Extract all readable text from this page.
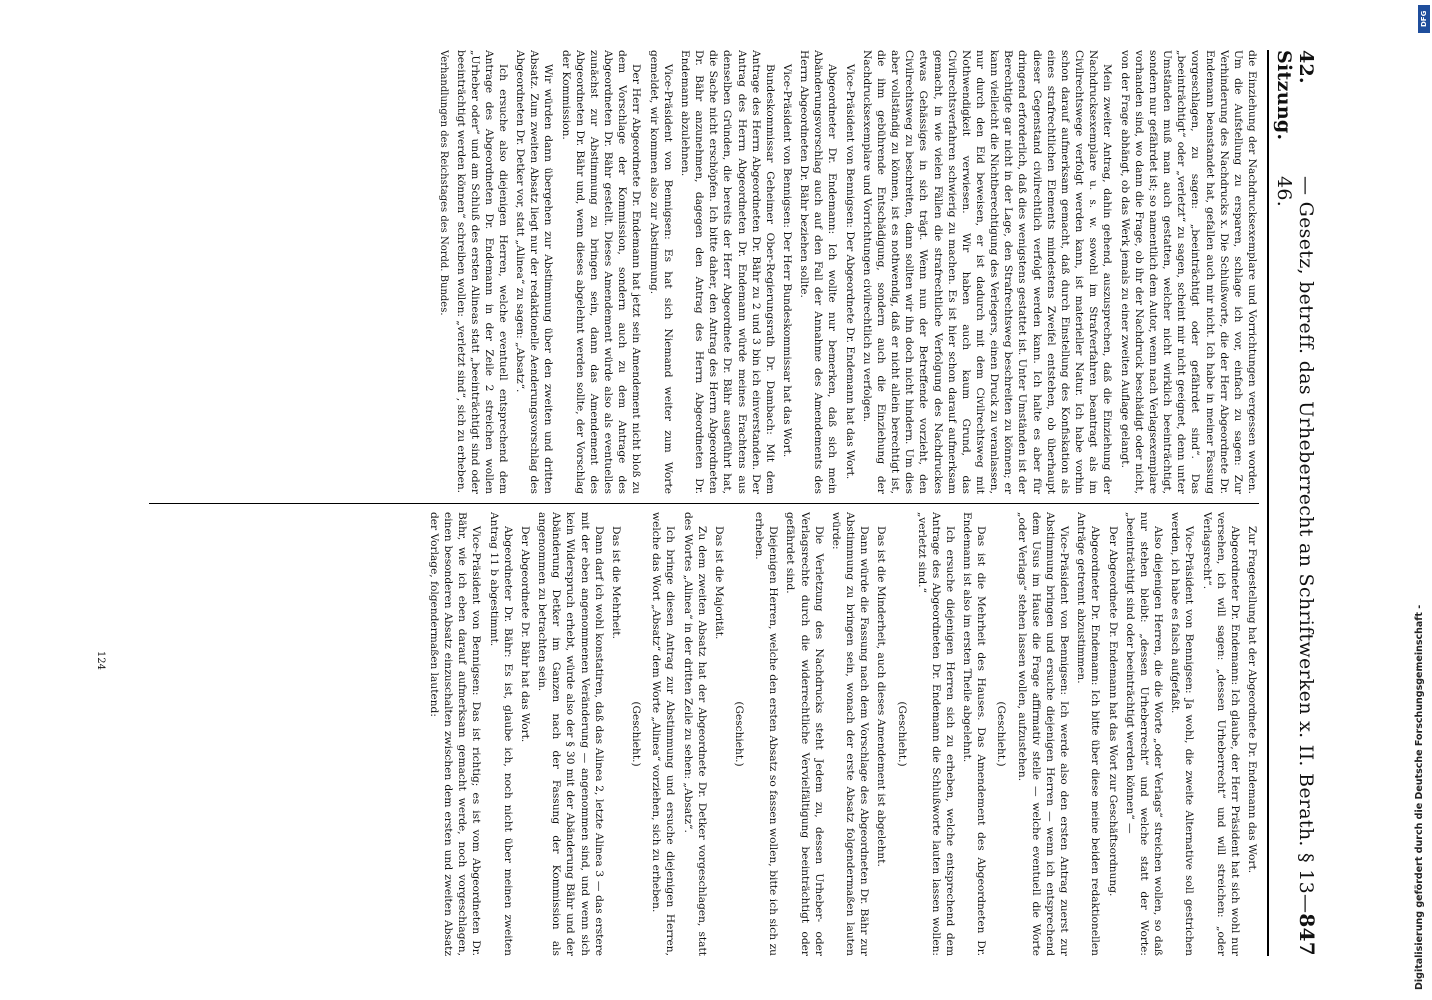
42. Sitzung.
— Gesetz, betreff. das Urheberrecht an Schriftwerken x. II. Berath. § 13—46.
847

die Einziehung der Nachdrucksexemplare und Vorrichtungen vergessen worden. Um die Aufstellung zu ersparen, schlage ich vor, einfach zu sagen: Zur Verhinderung des Nachdrucks x. Die Schlußworte, die der Herr Abgeordnete Dr. Endemann beanstandet hat, gefallen auch mir nicht. Ich habe in meiner Fassung vorgeschlagen, zu sagen: „beeinträchtigt oder gefährdet sind“. Das „beeinträchtigt“ oder „verletzt“ zu sagen, scheint mir nicht geeignet, denn unter Umständen muß man auch gestatten, welcher nicht wirklich beeinträchtigt, sondern nur gefährdet ist; so namentlich dem Autor, wenn nach Verlagsexemplare vorhanden sind, wo dann die Frage, ob ihr der Nachdruck beschädigt oder nicht, von der Frage abhängt, ob das Werk jemals zu einer zweiten Auflage gelangt.

Mein zweiter Antrag, dahin gehend, auszusprechen, daß die Einziehung der Nachdrucksexemplare u. s. w. sowohl im Strafverfahren beantragt als im Civilrechtswege verfolgt werden kann, ist materieller Natur. Ich habe vorhin schon darauf aufmerksam gemacht, daß durch Einstellung des Konfiskation als eines strafrechtlichen Elements mindestens Zweifel entstehen, ob überhaupt dieser Gegenstand civilrechtlich verfolgt werden kann. Ich halte es aber für dringend erforderlich, daß dies wenigstens gestattet ist. Unter Umständen ist der Berechtigte gar nicht in der Lage, den Strafrechtsweg beschreiten zu können; er kann vielleicht die Nichtberechtigung des Verlegers, einen Druck zu veranlassen, nur durch den Eid beweisen, er ist dadurch mit dem Civilrechtsweg mit Nothwendigkeit verwiesen. Wir haben auch kaum Grund, das Civilrechtsverfahren schwierig zu machen. Es ist hier schon darauf aufmerksam gemacht, in wie vielen Fällen die strafrechtliche Verfolgung des Nachdruckes etwas Gehässiges in sich trägt. Wenn nun der Betreffende vorzieht, den Civilrechtsweg zu beschreiten, dann sollten wir ihn doch nicht hindern. Um dies aber vollständig zu können, ist es nothwendig, daß er nicht allein berechtigt ist, die ihm gebührende Entschädigung, sondern auch die Einziehung der Nachdrucksexemplare und Vorrichtungen civilrechtlich zu verfolgen.

Vice-Präsident von Bennigsen: Der Abgeordnete Dr. Endemann hat das Wort.

Abgeordneter Dr. Endemann: Ich wollte nur bemerken, daß sich mein Abänderungsvorschlag auch auf den Fall der Annahme des Amendements des Herrn Abgeordneten Dr. Bähr beziehen sollte.

Vice-Präsident von Bennigsen: Der Herr Bundeskommissar hat das Wort.

Bundeskommissar Geheimer Ober-Regierungsrath Dr. Dambach: Mit dem Antrage des Herrn Abgeordneten Dr. Bähr zu 2 und 3 bin ich einverstanden. Der Antrag des Herrn Abgeordneten Dr. Endemann würde meines Erachtens aus denselben Gründen, die bereits der Herr Abgeordnete Dr. Bähr ausgeführt hat, die Sache nicht erschöpfen. Ich bitte daher, den Antrag des Herrn Abgeordneten Dr. Bähr anzunehmen, dagegen den Antrag des Herrn Abgeordneten Dr. Endemann abzulehnen.

Vice-Präsident von Bennigsen: Es hat sich Niemand weiter zum Worte gemeldet, wir kommen also zur Abstimmung.

Der Herr Abgeordnete Dr. Endemann hat jetzt sein Amendement nicht bloß zu dem Vorschlage der Kommission, sondern auch zu dem Antrage des Abgeordneten Dr. Bähr gestellt. Dieses Amendement würde also als eventuelles zunächst zur Abstimmung zu bringen sein, dann das Amendement des Abgeordneten Dr. Bähr und, wenn dieses abgelehnt werden sollte, der Vorschlag der Kommission.

Wir würden dann übergehen zur Abstimmung über den zweiten und dritten Absatz. Zum zweiten Absatz liegt nur der redaktionelle Aenderungsvorschlag des Abgeordneten Dr. Detker vor, statt „Alinea“ zu sagen: „Absatz“.

Ich ersuche also diejenigen Herren, welche eventuell entsprechend dem Antrage des Abgeordneten Dr. Endemann in der Zeile 2 streichen wollen „Urheber oder“ und am Schluß des ersten Alineas statt „beeinträchtigt sind oder beeinträchtigt werden können“ schreiben wollen: „verletzt sind“, sich zu erheben.

Verhandlungen des Reichstages des Nordd. Bundes.

Zur Fragestellung hat der Abgeordnete Dr. Endemann das Wort.

Abgeordneter Dr. Endemann: Ich glaube, der Herr Präsident hat sich wohl nur versehen, ich will sagen: „dessen Urheberrecht“ und will streichen: „oder Verlagsrecht“.

Vice-Präsident von Bennigsen: Ja wohl, die zweite Alternative soll gestrichen werden, ich habe es falsch aufgefaßt.

Also diejenigen Herren, die die Worte „oder Verlags“ streichen wollen, so daß nur stehen bleibt: „dessen Urheberrecht“ und welche statt der Worte: „beeinträchtigt sind oder beeinträchtigt werden können“ —

Der Abgeordnete Dr. Endemann hat das Wort zur Geschäftsordnung.

Abgeordneter Dr. Endemann: Ich bitte über diese meine beiden redaktionellen Anträge getrennt abzustimmen.

Vice-Präsident von Bennigsen: Ich werde also den ersten Antrag zuerst zur Abstimmung bringen und ersuche diejenigen Herren — wenn ich entsprechend dem Usus im Hause die Frage affirmativ stelle — welche eventuell die Worte „oder Verlags“ stehen lassen wollen, aufzustehen.

(Geschieht.)

Das ist die Mehrheit des Hauses. Das Amendement des Abgeordneten Dr. Endemann ist also im ersten Theile abgelehnt.

Ich ersuche diejenigen Herren sich zu erheben, welche entsprechend dem Antrage des Abgeordneten Dr. Endemann die Schlußworte lauten lassen wollen: „verletzt sind.“

(Geschieht.)

Das ist die Minderheit, auch dieses Amendement ist abgelehnt.

Dann würde die Fassung nach dem Vorschlage des Abgeordneten Dr. Bähr zur Abstimmung zu bringen sein, wonach der erste Absatz folgendermaßen lauten würde:

Die Verletzung des Nachdrucks steht Jedem zu, dessen Urheber- oder Verlagsrechte durch die widerrechtliche Vervielfältigung beeinträchtigt oder gefährdet sind.

Diejenigen Herren, welche den ersten Absatz so fassen wollen, bitte ich sich zu erheben.

(Geschieht.)

Das ist die Majorität.

Zu dem zweiten Absatz hat der Abgeordnete Dr. Detker vorgeschlagen, statt des Wortes „Alinea“ in der dritten Zeile zu sehen: „Absatz“.

Ich bringe diesen Antrag zur Abstimmung und ersuche diejenigen Herren, welche das Wort „Absatz“ dem Worte „Alinea“ vorziehen, sich zu erheben.

(Geschieht.)

Das ist die Mehrheit.

Dann darf ich wohl konstatiren, daß das Alinea 2, letzte Alinea 3 — das erstere mit der eben angenommenen Veränderung — angenommen sind, und wenn sich kein Widerspruch erhebt, würde also der § 30 mit der Abänderung Bähr und der Abänderung Detker im Ganzen nach der Fassung der Kommission als angenommen zu betrachten sein.

Der Abgeordnete Dr. Bähr hat das Wort.

Abgeordneter Dr. Bähr: Es ist, glaube ich, noch nicht über meinen zweiten Antrag 11 b abgestimmt.

Vice-Präsident von Bennigsen: Das ist richtig; es ist vom Abgeordneten Dr. Bähr, wie ich eben darauf aufmerksam gemacht werde, noch vorgeschlagen, einen besonderen Absatz einzuschalten zwischen dem ersten und zweiten Absatz der Vorlage, folgendermaßen lautend:

124	Digitalisierung gefördert durch die Deutsche Forschungsgemeinschaft -
DFG
